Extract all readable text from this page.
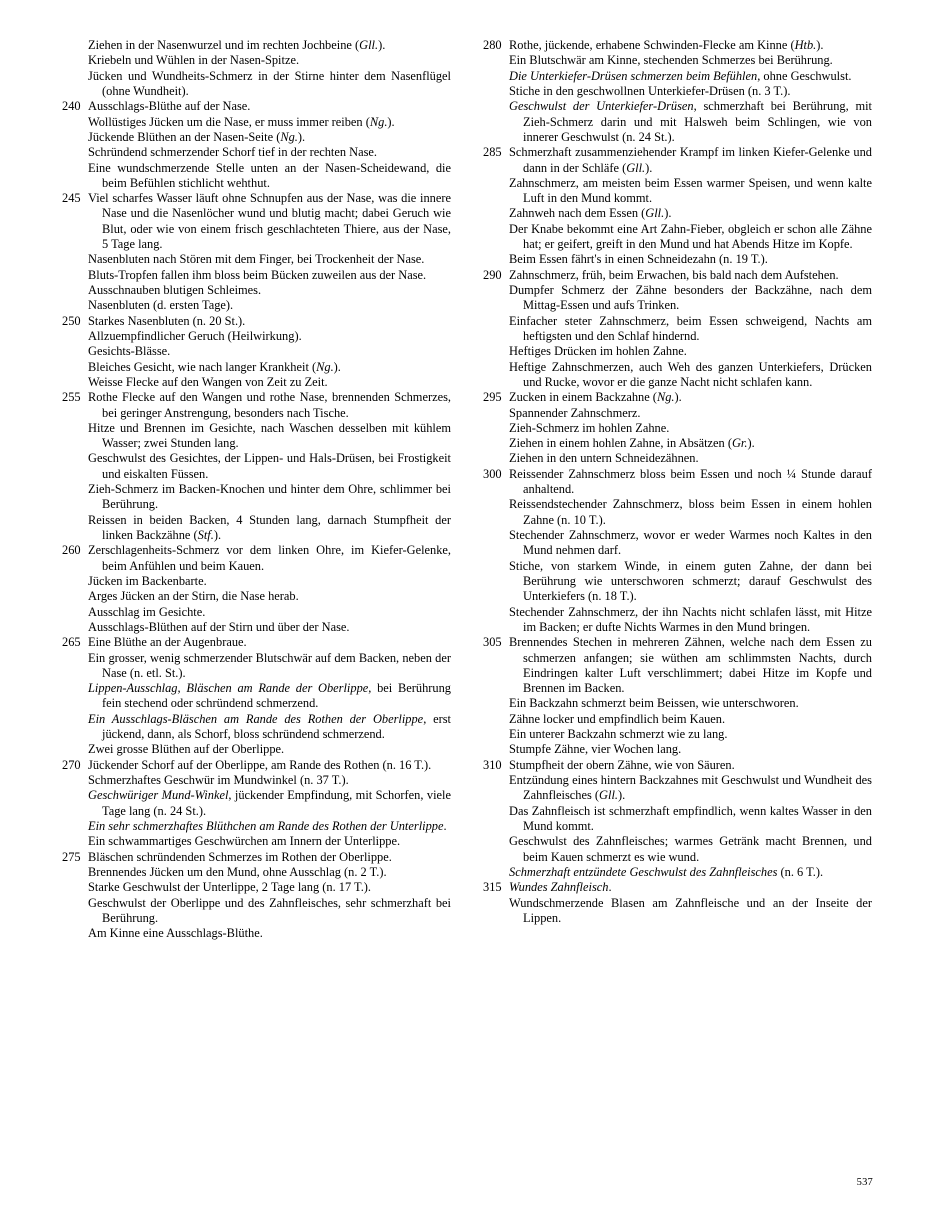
Ziehen in der Nasenwurzel und im rechten Jochbeine (Gll.).

Kriebeln und Wühlen in der Nasen-Spitze.

Jücken und Wundheits-Schmerz in der Stirne hinter dem Nasenflügel (ohne Wundheit).

240 Ausschlags-Blüthe auf der Nase.

Wollüstiges Jücken um die Nase, er muss immer reiben (Ng.).

Jückende Blüthen an der Nasen-Seite (Ng.).

Schründend schmerzender Schorf tief in der rechten Nase.

Eine wundschmerzende Stelle unten an der Nasen-Scheidewand, die beim Befühlen stichlicht wehthut.

245 Viel scharfes Wasser läuft ohne Schnupfen aus der Nase, was die innere Nase und die Nasenlöcher wund und blutig macht; dabei Geruch wie Blut, oder wie von einem frisch geschlachteten Thiere, aus der Nase, 5 Tage lang.

Nasenbluten nach Stören mit dem Finger, bei Trockenheit der Nase.

Bluts-Tropfen fallen ihm bloss beim Bücken zuweilen aus der Nase.

Ausschnauben blutigen Schleimes.

Nasenbluten (d. ersten Tage).

250 Starkes Nasenbluten (n. 20 St.).

Allzuempfindlicher Geruch (Heilwirkung).

Gesichts-Blässe.

Bleiches Gesicht, wie nach langer Krankheit (Ng.).

Weisse Flecke auf den Wangen von Zeit zu Zeit.

255 Rothe Flecke auf den Wangen und rothe Nase, brennenden Schmerzes, bei geringer Anstrengung, besonders nach Tische.

Hitze und Brennen im Gesichte, nach Waschen desselben mit kühlem Wasser; zwei Stunden lang.

Geschwulst des Gesichtes, der Lippen- und Hals-Drüsen, bei Frostigkeit und eiskalten Füssen.

Zieh-Schmerz im Backen-Knochen und hinter dem Ohre, schlimmer bei Berührung.

Reissen in beiden Backen, 4 Stunden lang, darnach Stumpfheit der linken Backzähne (Stf.).

260 Zerschlagenheits-Schmerz vor dem linken Ohre, im Kiefer-Gelenke, beim Anfühlen und beim Kauen.

Jücken im Backenbarte.

Arges Jücken an der Stirn, die Nase herab.

Ausschlag im Gesichte.

Ausschlags-Blüthen auf der Stirn und über der Nase.

265 Eine Blüthe an der Augenbraue.

Ein grosser, wenig schmerzender Blutschwär auf dem Backen, neben der Nase (n. etl. St.).

Lippen-Ausschlag, Bläschen am Rande der Oberlippe, bei Berührung fein stechend oder schründend schmerzend.

Ein Ausschlags-Bläschen am Rande des Rothen der Oberlippe, erst jückend, dann, als Schorf, bloss schründend schmerzend.

Zwei grosse Blüthen auf der Oberlippe.

270 Jückender Schorf auf der Oberlippe, am Rande des Rothen (n. 16 T.).

Schmerzhaftes Geschwür im Mundwinkel (n. 37 T.).

Geschwüriger Mund-Winkel, jückender Empfindung, mit Schorfen, viele Tage lang (n. 24 St.).

Ein sehr schmerzhaftes Blüthchen am Rande des Rothen der Unterlippe.

Ein schwammartiges Geschwürchen am Innern der Unterlippe.

275 Bläschen schründenden Schmerzes im Rothen der Oberlippe.

Brennendes Jücken um den Mund, ohne Ausschlag (n. 2 T.).

Starke Geschwulst der Unterlippe, 2 Tage lang (n. 17 T.).

Geschwulst der Oberlippe und des Zahnfleisches, sehr schmerzhaft bei Berührung.

Am Kinne eine Ausschlags-Blüthe.

280 Rothe, jückende, erhabene Schwinden-Flecke am Kinne (Htb.).

Ein Blutschwär am Kinne, stechenden Schmerzes bei Berührung.

Die Unterkiefer-Drüsen schmerzen beim Befühlen, ohne Geschwulst.

Stiche in den geschwollnen Unterkiefer-Drüsen (n. 3 T.).

Geschwulst der Unterkiefer-Drüsen, schmerzhaft bei Berührung, mit Zieh-Schmerz darin und mit Halsweh beim Schlingen, wie von innerer Geschwulst (n. 24 St.).

285 Schmerzhaft zusammenziehender Krampf im linken Kiefer-Gelenke und dann in der Schläfe (Gll.).

Zahnschmerz, am meisten beim Essen warmer Speisen, und wenn kalte Luft in den Mund kommt.

Zahnweh nach dem Essen (Gll.).

Der Knabe bekommt eine Art Zahn-Fieber, obgleich er schon alle Zähne hat; er geifert, greift in den Mund und hat Abends Hitze im Kopfe.

Beim Essen fährt's in einen Schneidezahn (n. 19 T.).

290 Zahnschmerz, früh, beim Erwachen, bis bald nach dem Aufstehen.

Dumpfer Schmerz der Zähne besonders der Backzähne, nach dem Mittag-Essen und aufs Trinken.

Einfacher steter Zahnschmerz, beim Essen schweigend, Nachts am heftigsten und den Schlaf hindernd.

Heftiges Drücken im hohlen Zahne.

Heftige Zahnschmerzen, auch Weh des ganzen Unterkiefers, Drücken und Rucke, wovor er die ganze Nacht nicht schlafen kann.

295 Zucken in einem Backzahne (Ng.).

Spannender Zahnschmerz.

Zieh-Schmerz im hohlen Zahne.

Ziehen in einem hohlen Zahne, in Absätzen (Gr.).

Ziehen in den untern Schneidezähnen.

300 Reissender Zahnschmerz bloss beim Essen und noch ¼ Stunde darauf anhaltend.

Reissendstechender Zahnschmerz, bloss beim Essen in einem hohlen Zahne (n. 10 T.).

Stechender Zahnschmerz, wovor er weder Warmes noch Kaltes in den Mund nehmen darf.

Stiche, von starkem Winde, in einem guten Zahne, der dann bei Berührung wie unterschworen schmerzt; darauf Geschwulst des Unterkiefers (n. 18 T.).

Stechender Zahnschmerz, der ihn Nachts nicht schlafen lässt, mit Hitze im Backen; er dufte Nichts Warmes in den Mund bringen.

305 Brennendes Stechen in mehreren Zähnen, welche nach dem Essen zu schmerzen anfangen; sie wüthen am schlimmsten Nachts, durch Eindringen kalter Luft verschlimmert; dabei Hitze im Kopfe und Brennen im Backen.

Ein Backzahn schmerzt beim Beissen, wie unterschworen.

Zähne locker und empfindlich beim Kauen.

Ein unterer Backzahn schmerzt wie zu lang.

Stumpfe Zähne, vier Wochen lang.

310 Stumpfheit der obern Zähne, wie von Säuren.

Entzündung eines hintern Backzahnes mit Geschwulst und Wundheit des Zahnfleisches (Gll.).

Das Zahnfleisch ist schmerzhaft empfindlich, wenn kaltes Wasser in den Mund kommt.

Geschwulst des Zahnfleisches; warmes Getränk macht Brennen, und beim Kauen schmerzt es wie wund.

Schmerzhaft entzündete Geschwulst des Zahnfleisches (n. 6 T.).

315 Wundes Zahnfleisch.

Wundschmerzende Blasen am Zahnfleische und an der Inseite der Lippen.

537
